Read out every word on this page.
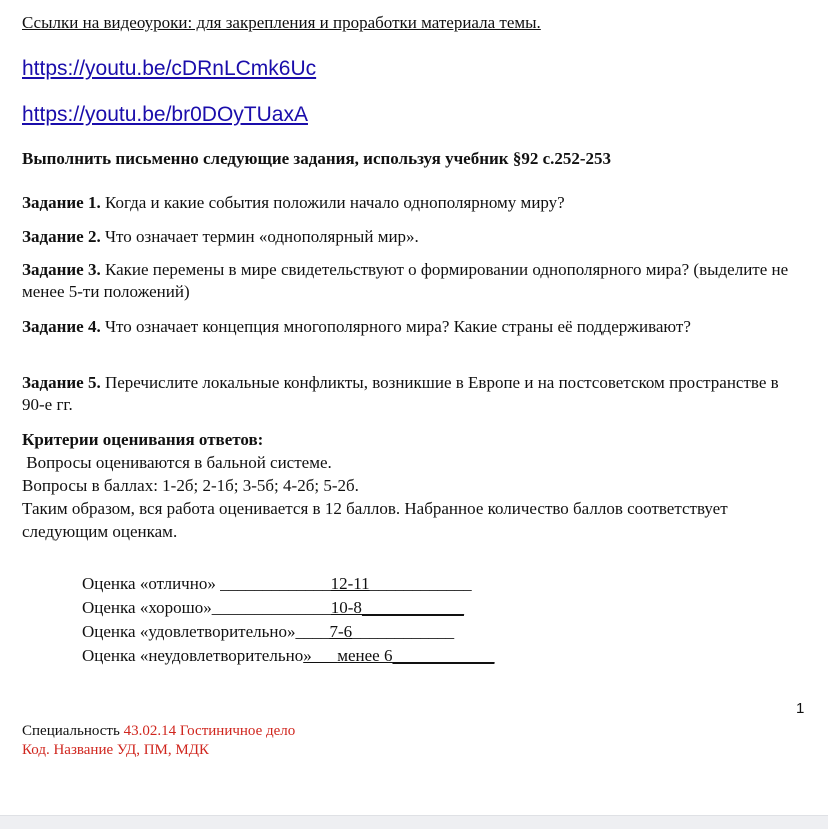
Ссылки на видеоуроки: для закрепления и проработки материала темы.
https://youtu.be/cDRnLCmk6Uc
https://youtu.be/br0DOyTUaxA
Выполнить письменно следующие задания, используя учебник §92 с.252-253
Задание 1. Когда и какие события положили начало однополярному миру?
Задание 2. Что означает термин «однополярный мир».
Задание 3. Какие перемены в мире свидетельствуют о формировании однополярного мира? (выделите не менее 5-ти положений)
Задание 4. Что означает концепция многополярного мира? Какие страны её поддерживают?
Задание 5. Перечислите локальные конфликты, возникшие в Европе и на постсоветском пространстве в 90-е гг.
Критерии оценивания ответов:
Вопросы оцениваются в бальной системе.
Вопросы в баллах: 1-2б; 2-1б; 3-5б; 4-2б; 5-2б.
Таким образом, вся работа оценивается в 12 баллов. Набранное количество баллов соответствует следующим оценкам.
Оценка «отлично» _____________12-11____________
Оценка «хорошо»______________10-8____________
Оценка «удовлетворительно»____7-6____________
Оценка «неудовлетворительно»___менее 6____________
1
Специальность 43.02.14 Гостиничное дело
Код. Название УД, ПМ, МДК
